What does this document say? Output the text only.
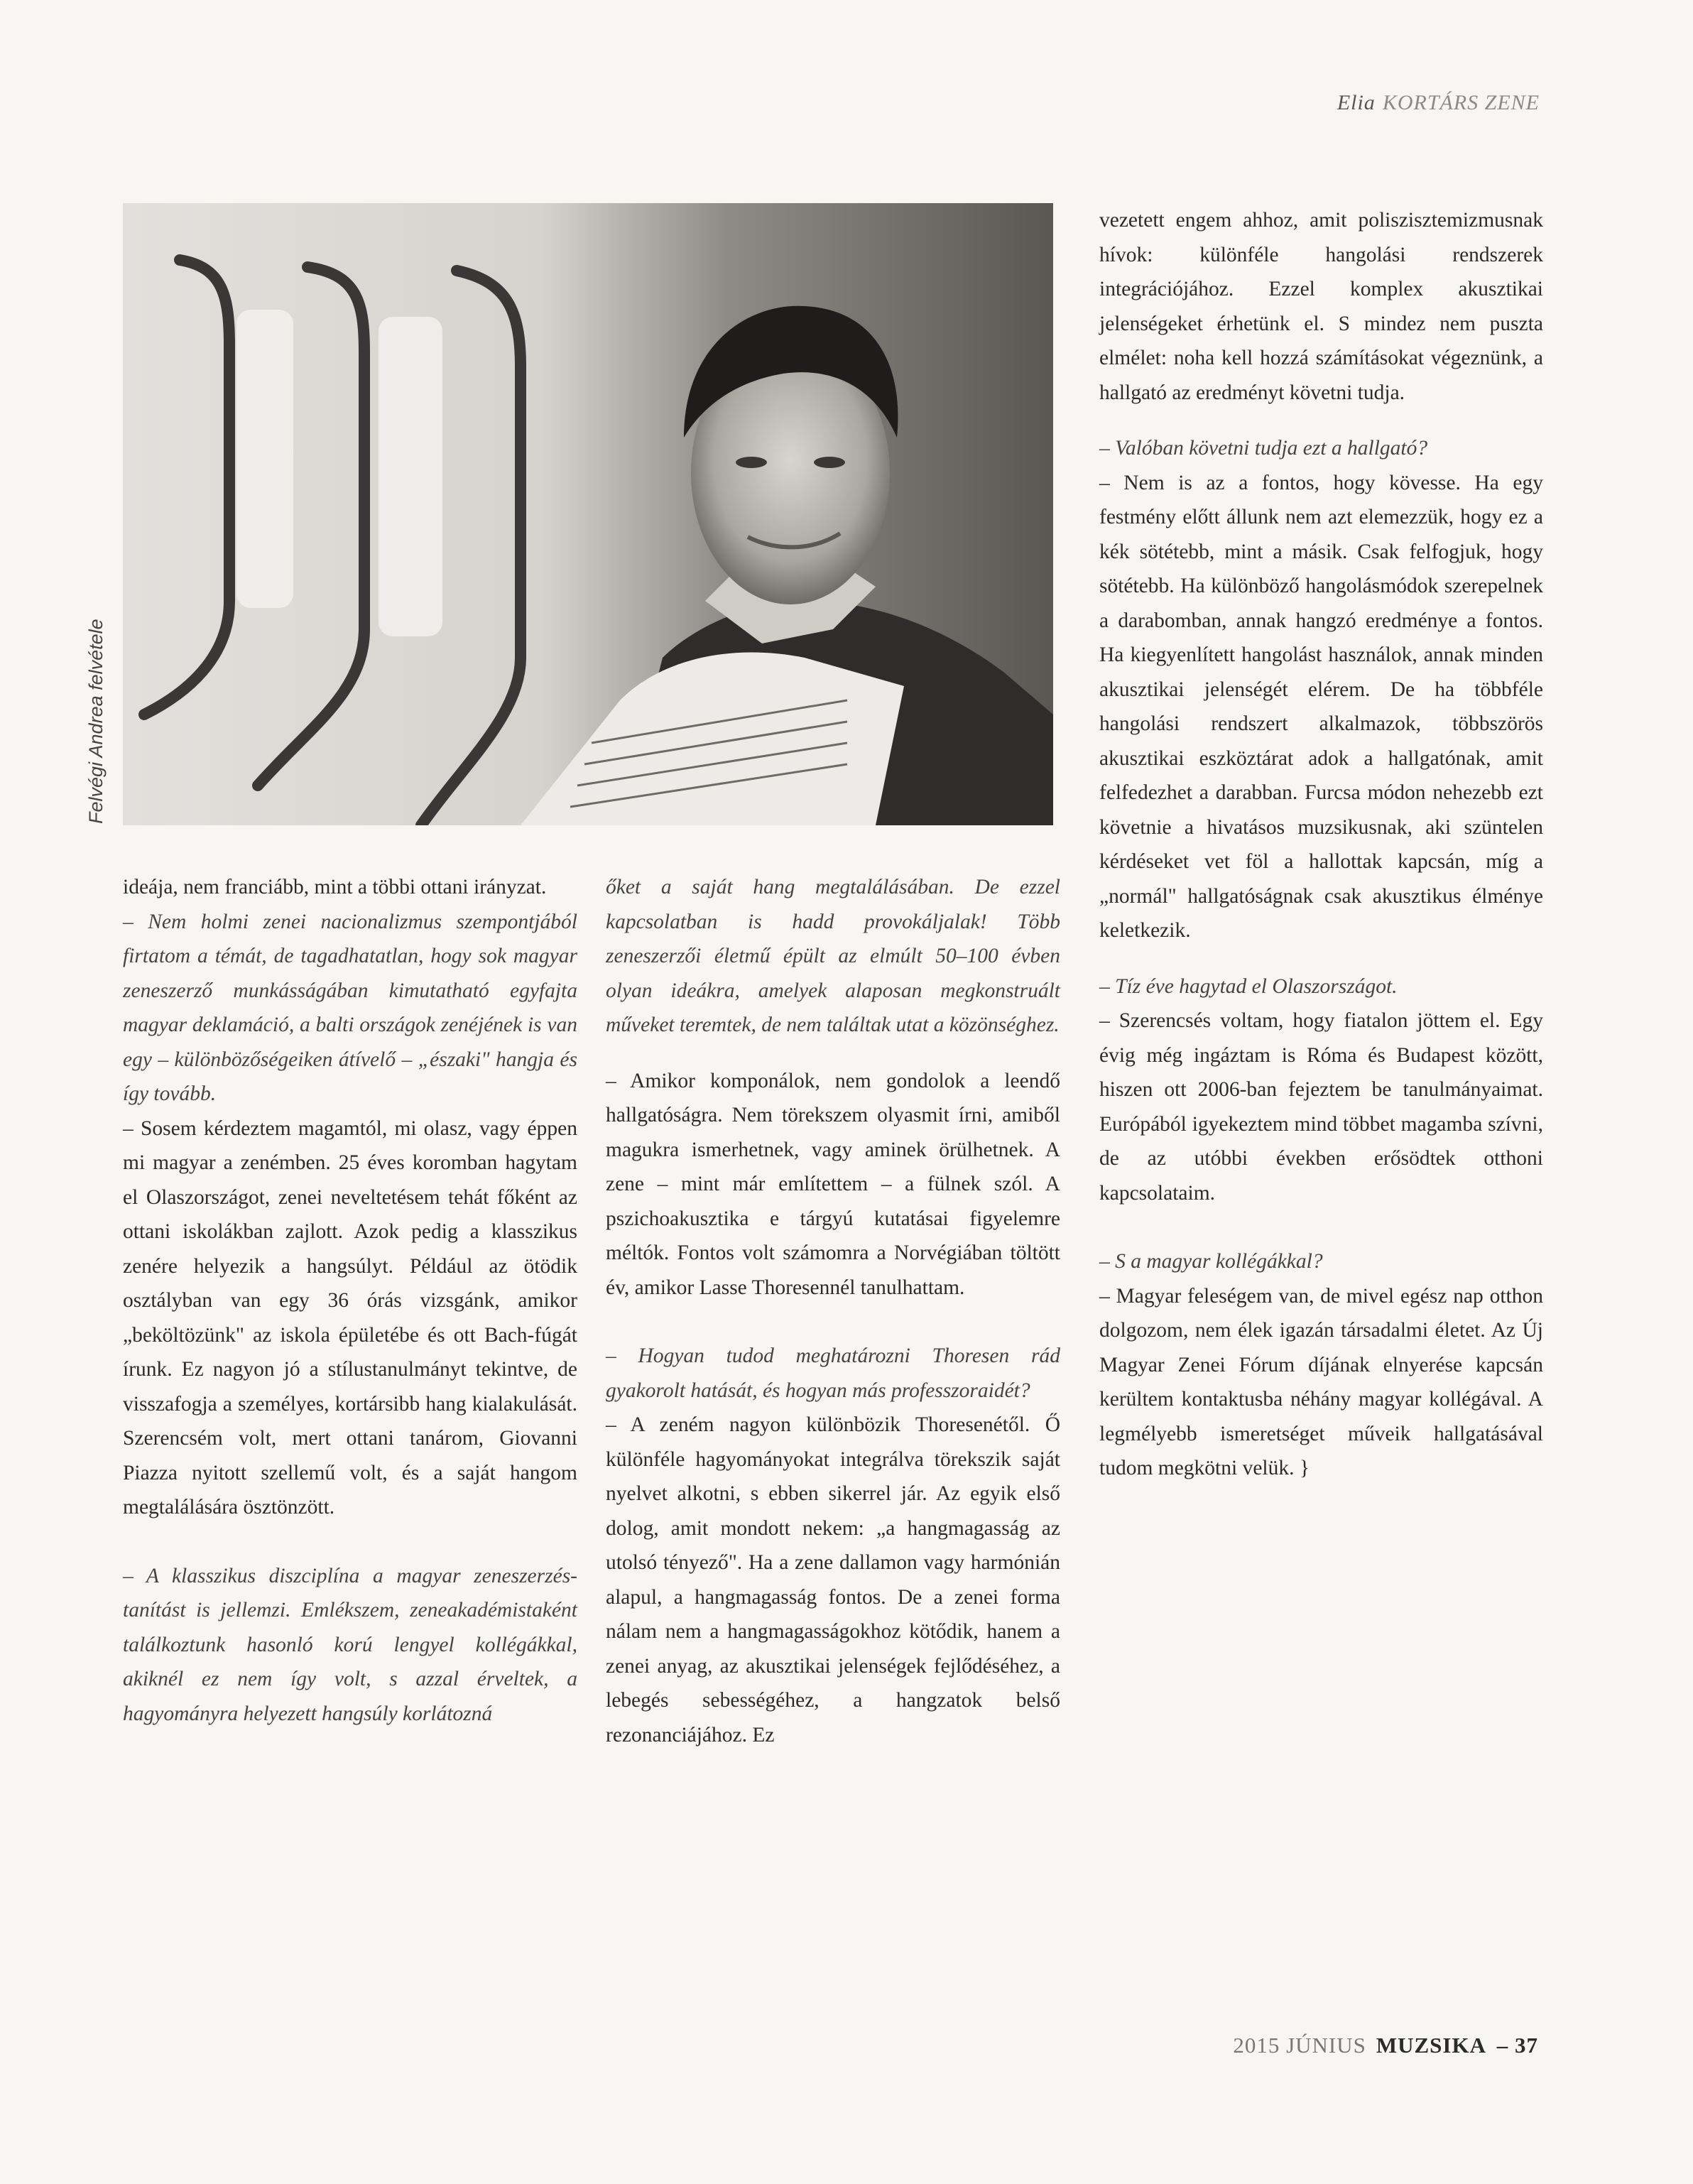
Elia KORTÁRS ZENE
Felvégi Andrea felvétele

ideája, nem franciább, mint a többi ottani irányzat.

– Nem holmi zenei nacionalizmus szempontjából firtatom a témát, de tagadhatatlan, hogy sok magyar zeneszerző munkásságában kimutatható egyfajta magyar deklamáció, a balti országok zenéjének is van egy – különbözőségeiken átívelő – „északi" hangja és így tovább.

– Sosem kérdeztem magamtól, mi olasz, vagy éppen mi magyar a zenémben. 25 éves koromban hagytam el Olaszországot, zenei neveltetésem tehát főként az ottani iskolákban zajlott. Azok pedig a klasszikus zenére helyezik a hangsúlyt. Például az ötödik osztályban van egy 36 órás vizsgánk, amikor „beköltözünk" az iskola épületébe és ott Bach-fúgát írunk. Ez nagyon jó a stílustanulmányt tekintve, de visszafogja a személyes, kortársibb hang kialakulását. Szerencsém volt, mert ottani tanárom, Giovanni Piazza nyitott szellemű volt, és a saját hangom megtalálására ösztönzött.

– A klasszikus diszciplína a magyar zeneszerzés-tanítást is jellemzi. Emlékszem, zeneakadémistaként találkoztunk hasonló korú lengyel kollégákkal, akiknél ez nem így volt, s azzal érveltek, a hagyományra helyezett hangsúly korlátozná

őket a saját hang megtalálásában. De ezzel kapcsolatban is hadd provokáljalak! Több zeneszerzői életmű épült az elmúlt 50–100 évben olyan ideákra, amelyek alaposan megkonstruált műveket teremtek, de nem találtak utat a közönséghez.

– Amikor komponálok, nem gondolok a leendő hallgatóságra. Nem törekszem olyasmit írni, amiből magukra ismerhetnek, vagy aminek örülhetnek. A zene – mint már említettem – a fülnek szól. A pszichoakusztika e tárgyú kutatásai figyelemre méltók. Fontos volt számomra a Norvégiában töltött év, amikor Lasse Thoresennél tanulhattam.

– Hogyan tudod meghatározni Thoresen rád gyakorolt hatását, és hogyan más professzoraidét?

– A zeném nagyon különbözik Thoresenétől. Ő különféle hagyományokat integrálva törekszik saját nyelvet alkotni, s ebben sikerrel jár. Az egyik első dolog, amit mondott nekem: „a hangmagasság az utolsó tényező". Ha a zene dallamon vagy harmónián alapul, a hangmagasság fontos. De a zenei forma nálam nem a hangmagasságokhoz kötődik, hanem a zenei anyag, az akusztikai jelenségek fejlődéséhez, a lebegés sebességéhez, a hangzatok belső rezonanciájához. Ez

vezetett engem ahhoz, amit poliszisztemizmusnak hívok: különféle hangolási rendszerek integrációjához. Ezzel komplex akusztikai jelenségeket érhetünk el. S mindez nem puszta elmélet: noha kell hozzá számításokat végeznünk, a hallgató az eredményt követni tudja.

– Valóban követni tudja ezt a hallgató?

– Nem is az a fontos, hogy kövesse. Ha egy festmény előtt állunk nem azt elemezzük, hogy ez a kék sötétebb, mint a másik. Csak felfogjuk, hogy sötétebb. Ha különböző hangolásmódok szerepelnek a darabomban, annak hangzó eredménye a fontos. Ha kiegyenlített hangolást használok, annak minden akusztikai jelenségét elérem. De ha többféle hangolási rendszert alkalmazok, többszörös akusztikai eszköztárat adok a hallgatónak, amit felfedezhet a darabban. Furcsa módon nehezebb ezt követnie a hivatásos muzsikusnak, aki szüntelen kérdéseket vet föl a hallottak kapcsán, míg a „normál" hallgatóságnak csak akusztikus élménye keletkezik.

– Tíz éve hagytad el Olaszországot.

– Szerencsés voltam, hogy fiatalon jöttem el. Egy évig még ingáztam is Róma és Budapest között, hiszen ott 2006-ban fejeztem be tanulmányaimat. Európából igyekeztem mind többet magamba szívni, de az utóbbi években erősödtek otthoni kapcsolataim.

– S a magyar kollégákkal?

– Magyar feleségem van, de mivel egész nap otthon dolgozom, nem élek igazán társadalmi életet. Az Új Magyar Zenei Fórum díjának elnyerése kapcsán kerültem kontaktusba néhány magyar kollégával. A legmélyebb ismeretséget műveik hallgatásával tudom megkötni velük. }

2015 JÚNIUS MUZSIKA – 37
